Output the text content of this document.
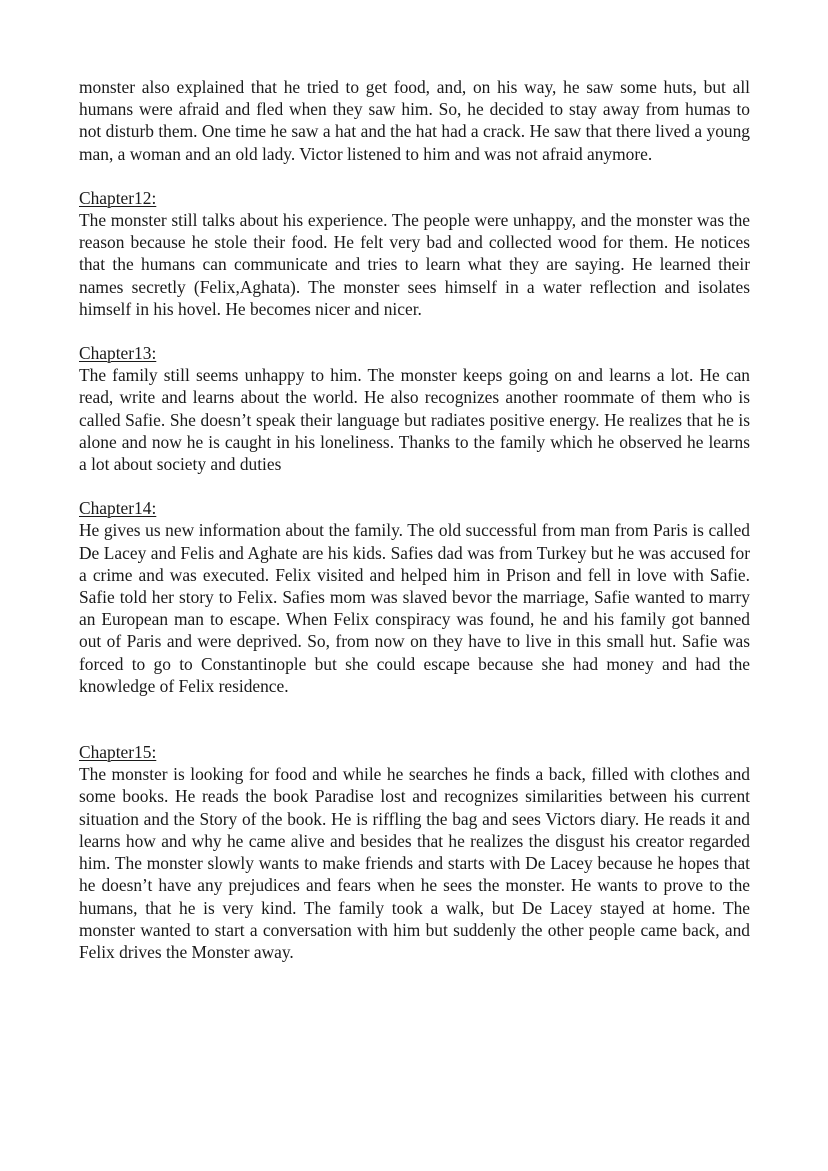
monster also explained that he tried to get food, and, on his way, he saw some huts, but all humans were afraid and fled when they saw him. So, he decided to stay away from humas to not disturb them. One time he saw a hat and the hat had a crack. He saw that there lived a young man, a woman and an old lady. Victor listened to him and was not afraid anymore.

Chapter12:

The monster still talks about his experience. The people were unhappy, and the monster was the reason because he stole their food. He felt very bad and collected wood for them. He notices that the humans can communicate and tries to learn what they are saying. He learned their names secretly (Felix,Aghata). The monster sees himself in a water reflection and isolates himself in his hovel. He becomes nicer and nicer.

Chapter13:

The family still seems unhappy to him. The monster keeps going on and learns a lot. He can read, write and learns about the world. He also recognizes another roommate of them who is called Safie. She doesn’t speak their language but radiates positive energy. He realizes that he is alone and now he is caught in his loneliness. Thanks to the family which he observed he learns a lot about society and duties

Chapter14:

He gives us new information about the family. The old successful from man from Paris is called De Lacey and Felis and Aghate are his kids. Safies dad was from Turkey but he was accused for a crime and was executed. Felix visited and helped him in Prison and fell in love with Safie. Safie told her story to Felix. Safies mom was slaved bevor the marriage, Safie wanted to marry an European man to escape. When Felix conspiracy was found, he and his family got banned out of Paris and were deprived. So, from now on they have to live in this small hut. Safie was forced to go to Constantinople but she could escape because she had money and had the knowledge of Felix residence.

Chapter15:

The monster is looking for food and while he searches he finds a back, filled with clothes and some books. He reads the book Paradise lost and recognizes similarities between his current situation and the Story of the book. He is riffling the bag and sees Victors diary. He reads it and learns how and why he came alive and besides that he realizes the disgust his creator regarded him. The monster slowly wants to make friends and starts with De Lacey because he hopes that he doesn’t have any prejudices and fears when he sees the monster. He wants to prove to the humans, that he is very kind. The family took a walk, but De Lacey stayed at home. The monster wanted to start a conversation with him but suddenly the other people came back, and Felix drives the Monster away.
